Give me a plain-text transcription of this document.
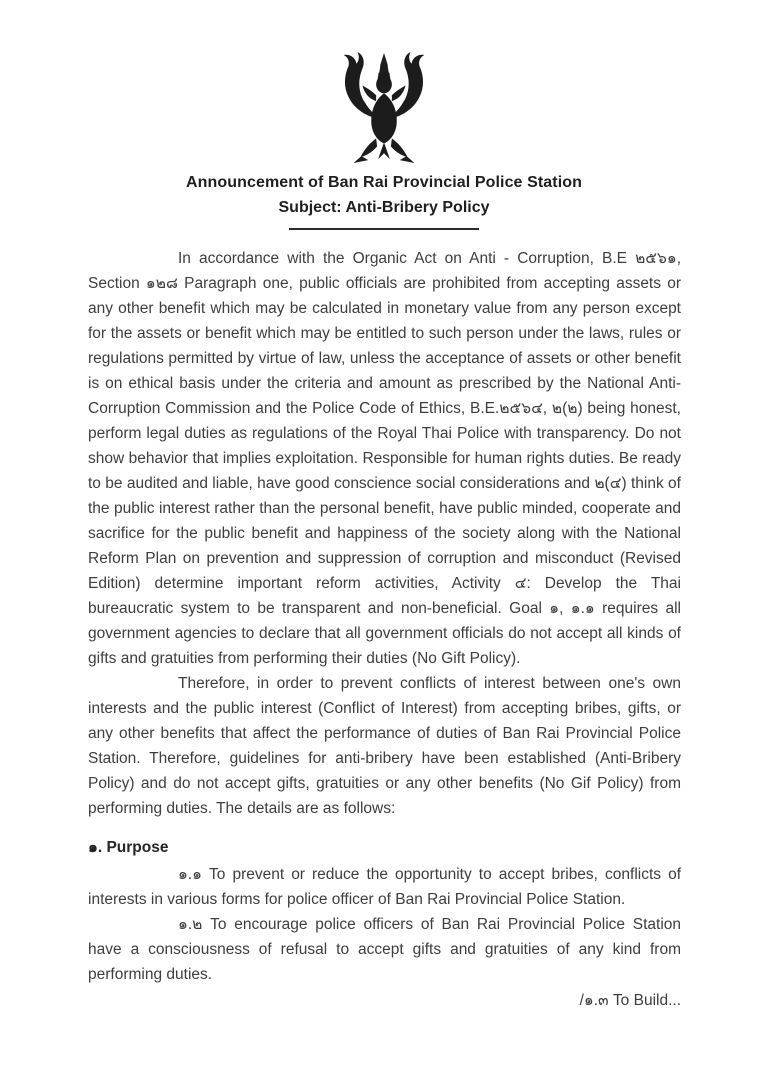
Announcement of Ban Rai Provincial Police Station
Subject: Anti-Bribery Policy

In accordance with the Organic Act on Anti - Corruption, B.E ๒๕๖๑, Section ๑๒๘ Paragraph one, public officials are prohibited from accepting assets or any other benefit which may be calculated in monetary value from any person except for the assets or benefit which may be entitled to such person under the laws, rules or regulations permitted by virtue of law, unless the acceptance of assets or other benefit is on ethical basis under the criteria and amount as prescribed by the National Anti-Corruption Commission and the Police Code of Ethics, B.E.๒๕๖๔, ๒(๒) being honest, perform legal duties as regulations of the Royal Thai Police with transparency. Do not show behavior that implies exploitation. Responsible for human rights duties. Be ready to be audited and liable, have good conscience social considerations and ๒(๔) think of the public interest rather than the personal benefit, have public minded, cooperate and sacrifice for the public benefit and happiness of the society along with the National Reform Plan on prevention and suppression of corruption and misconduct (Revised Edition) determine important reform activities, Activity ๔: Develop the Thai bureaucratic system to be transparent and non-beneficial. Goal ๑, ๑.๑ requires all government agencies to declare that all government officials do not accept all kinds of gifts and gratuities from performing their duties (No Gift Policy).

Therefore, in order to prevent conflicts of interest between one's own interests and the public interest (Conflict of Interest) from accepting bribes, gifts, or any other benefits that affect the performance of duties of Ban Rai Provincial Police Station. Therefore, guidelines for anti-bribery have been established (Anti-Bribery Policy) and do not accept gifts, gratuities or any other benefits (No Gif Policy) from performing duties. The details are as follows:

๑. Purpose

๑.๑ To prevent or reduce the opportunity to accept bribes, conflicts of interests in various forms for police officer of Ban Rai Provincial Police Station.

๑.๒ To encourage police officers of Ban Rai Provincial Police Station have a consciousness of refusal to accept gifts and gratuities of any kind from performing duties.

/๑.๓ To Build...
